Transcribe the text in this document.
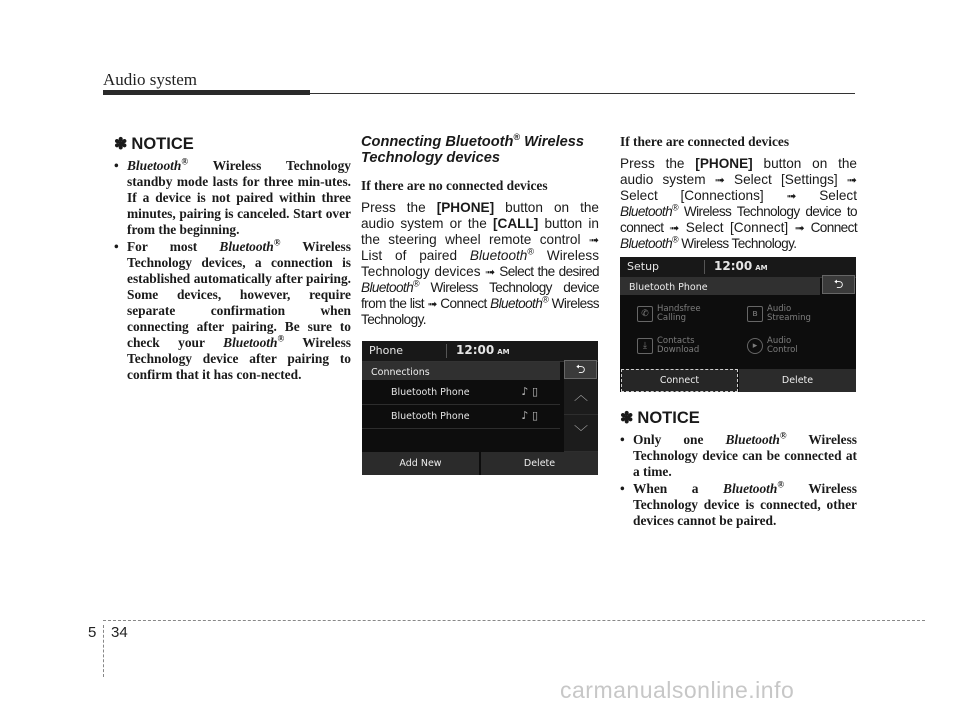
Audio system
✽ NOTICE
• Bluetooth® Wireless Technology standby mode lasts for three min-utes. If a device is not paired within three minutes, pairing is canceled. Start over from the beginning.
• For most Bluetooth® Wireless Technology devices, a connection is established automatically after pairing. Some devices, however, require separate confirmation when connecting after pairing. Be sure to check your Bluetooth® Wireless Technology device after pairing to confirm that it has con-nected.
Connecting Bluetooth® Wireless Technology devices
If there are no connected devices

Press the [PHONE] button on the audio system or the [CALL] button in the steering wheel remote control ➟ List of paired Bluetooth® Wireless Technology devices ➟ Select the desired Bluetooth® Wireless Technology device from the list ➟ Connect Bluetooth® Wireless Technology.

Phone	12:00 AM
Connections	⮌
Bluetooth Phone	♪ ▯
Bluetooth Phone	♪ ▯
︿
﹀
Add New	Delete
If there are connected devices

Press the [PHONE] button on the audio system ➟ Select [Settings] ➟ Select [Connections] ➟ Select Bluetooth® Wireless Technology device to connect ➟ Select [Connect] ➟ Connect Bluetooth® Wireless Technology.

Setup	12:00 AM
Bluetooth Phone	⮌
✆ Handsfree
Calling	ʙ	Audio
Streaming
⤓	Contacts
Download	▸	Audio
Control
Connect	Delete
✽ NOTICE
• Only one Bluetooth® Wireless Technology device can be connected at a time.
• When a Bluetooth® Wireless Technology device is connected, other devices cannot be paired.
5 34
carmanualsonline.info
